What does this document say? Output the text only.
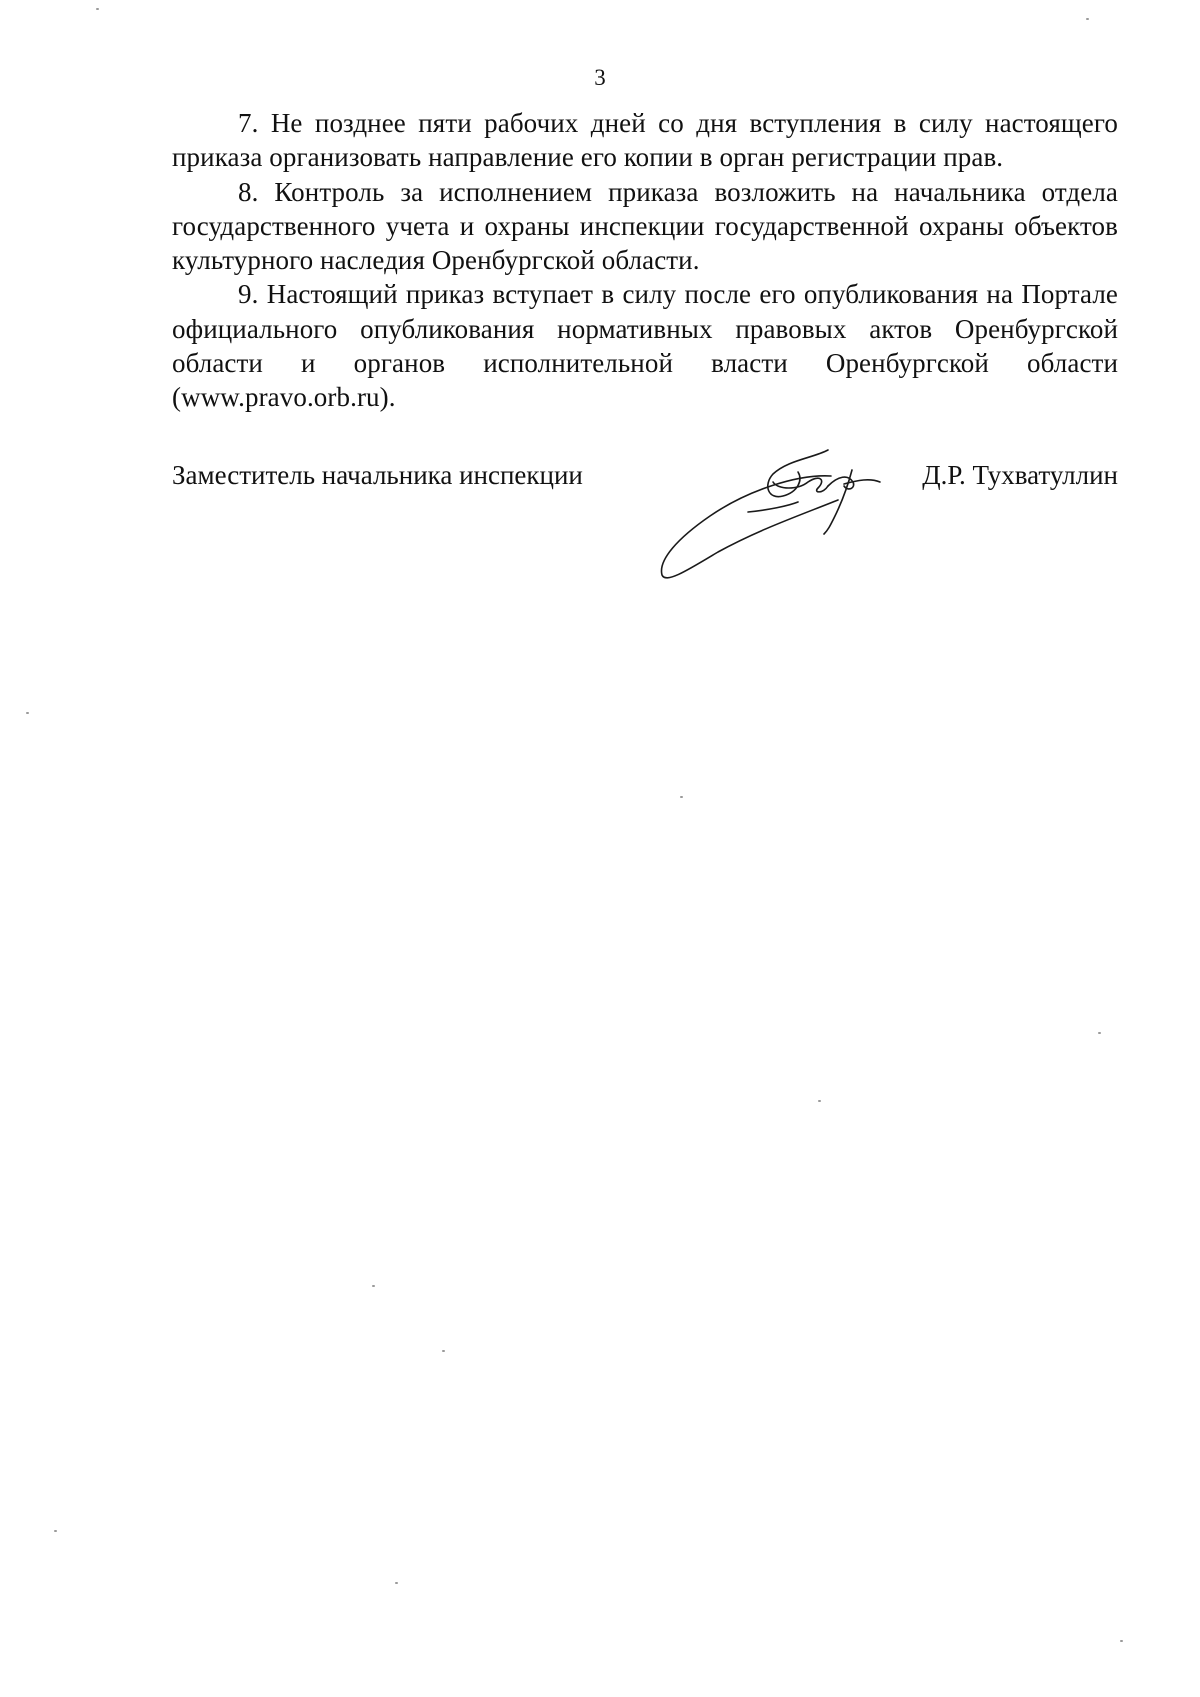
3

7. Не позднее пяти рабочих дней со дня вступления в силу настоящего приказа организовать направление его копии в орган регистрации прав.

8. Контроль за исполнением приказа возложить на начальника отдела государственного учета и охраны инспекции государственной охраны объектов культурного наследия Оренбургской области.

9. Настоящий приказ вступает в силу после его опубликования на Портале официального опубликования нормативных правовых актов Оренбургской области и органов исполнительной власти Оренбургской области (www.pravo.orb.ru).

Заместитель начальника инспекции	Д.Р. Тухватуллин
